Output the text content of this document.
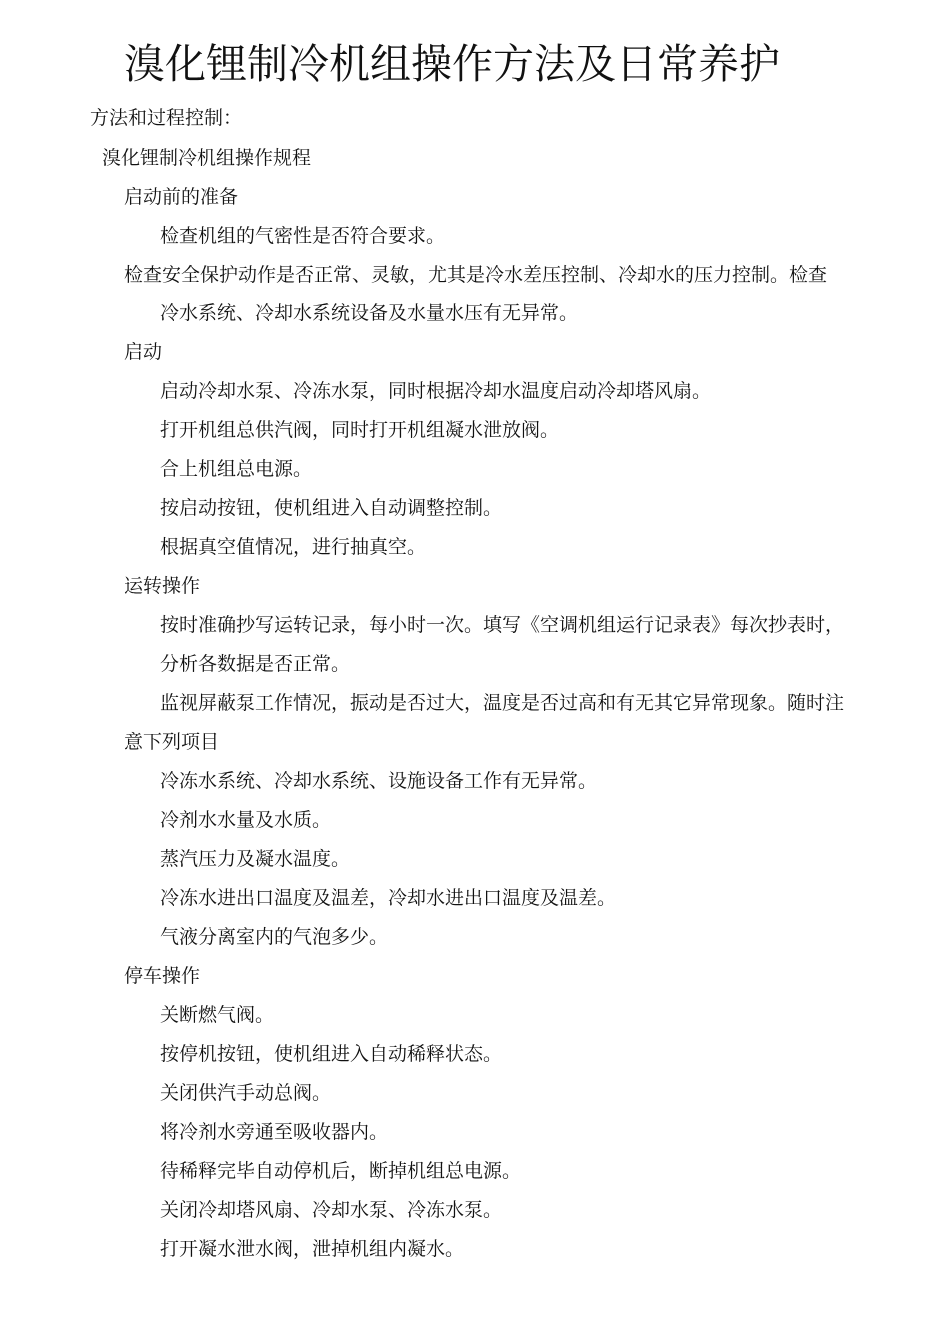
溴化锂制冷机组操作方法及日常养护

方法和过程控制：

溴化锂制冷机组操作规程

启动前的准备

检查机组的气密性是否符合要求。

检查安全保护动作是否正常、灵敏，尤其是冷水差压控制、冷却水的压力控制。检查

冷水系统、冷却水系统设备及水量水压有无异常。

启动

启动冷却水泵、冷冻水泵，同时根据冷却水温度启动冷却塔风扇。

打开机组总供汽阀，同时打开机组凝水泄放阀。

合上机组总电源。

按启动按钮，使机组进入自动调整控制。

根据真空值情况，进行抽真空。

运转操作

按时准确抄写运转记录，每小时一次。填写《空调机组运行记录表》每次抄表时，

分析各数据是否正常。

监视屏蔽泵工作情况，振动是否过大，温度是否过高和有无其它异常现象。随时注

意下列项目

冷冻水系统、冷却水系统、设施设备工作有无异常。

冷剂水水量及水质。

蒸汽压力及凝水温度。

冷冻水进出口温度及温差，冷却水进出口温度及温差。

气液分离室内的气泡多少。

停车操作

关断燃气阀。

按停机按钮，使机组进入自动稀释状态。

关闭供汽手动总阀。

将冷剂水旁通至吸收器内。

待稀释完毕自动停机后，断掉机组总电源。

关闭冷却塔风扇、冷却水泵、冷冻水泵。

打开凝水泄水阀，泄掉机组内凝水。
